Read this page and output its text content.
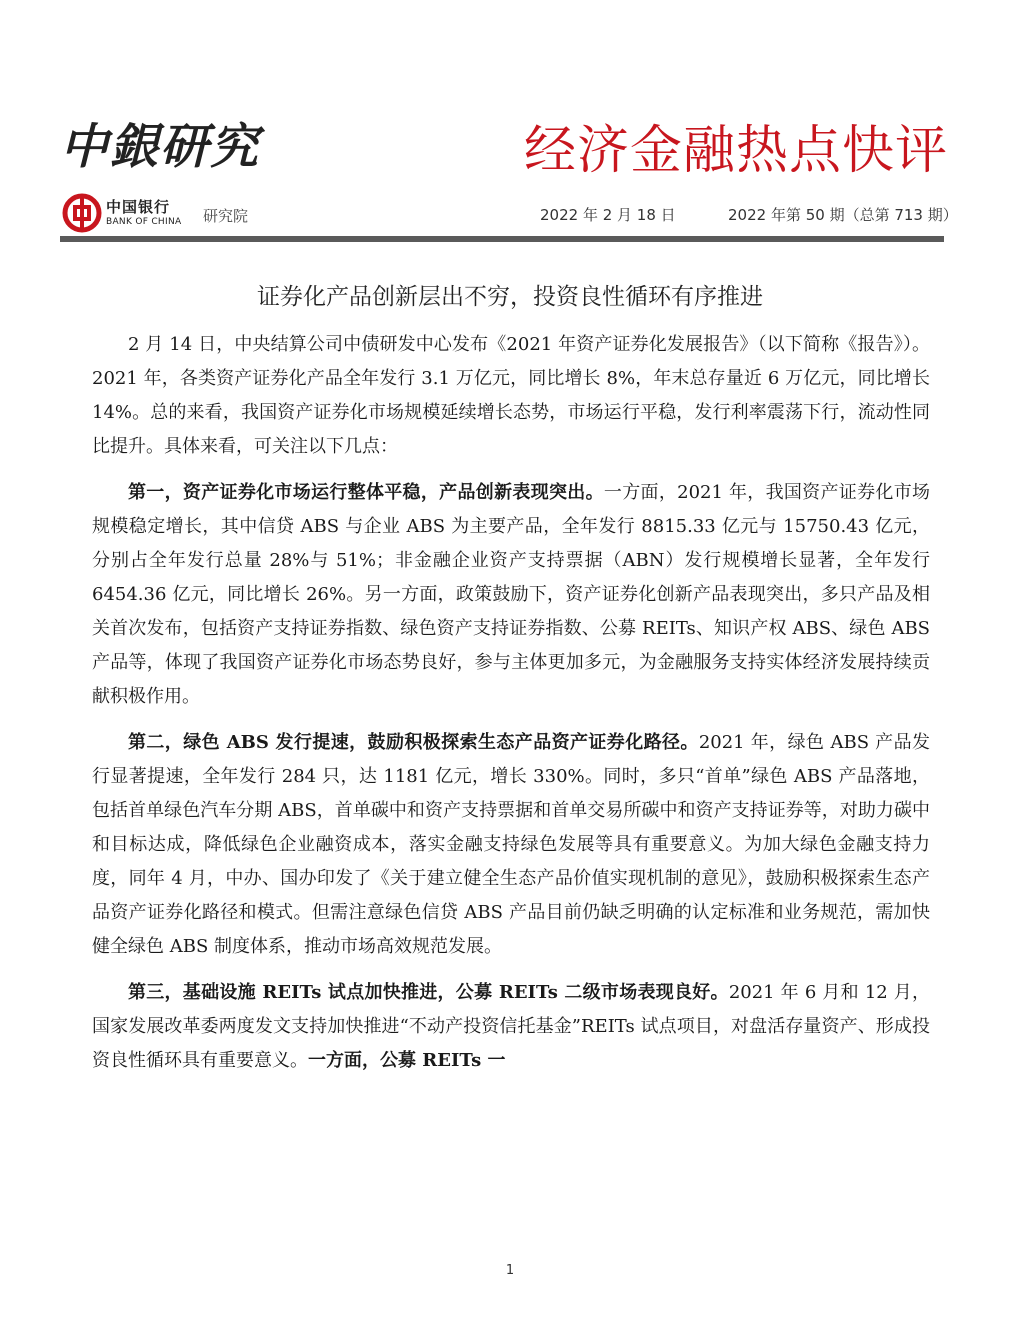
中銀研究	经济金融热点快评
中国银行
BANK OF CHINA 研究院	2022 年 2 月 18 日	2022 年第 50 期（总第 713 期）
证券化产品创新层出不穷，投资良性循环有序推进

2 月 14 日，中央结算公司中债研发中心发布《2021 年资产证券化发展报告》（以下简称《报告》）。2021 年，各类资产证券化产品全年发行 3.1 万亿元，同比增长 8%，年末总存量近 6 万亿元，同比增长 14%。总的来看，我国资产证券化市场规模延续增长态势，市场运行平稳，发行利率震荡下行，流动性同比提升。具体来看，可关注以下几点：

第一，资产证券化市场运行整体平稳，产品创新表现突出。一方面，2021 年，我国资产证券化市场规模稳定增长，其中信贷 ABS 与企业 ABS 为主要产品，全年发行 8815.33 亿元与 15750.43 亿元，分别占全年发行总量 28%与 51%；非金融企业资产支持票据（ABN）发行规模增长显著，全年发行 6454.36 亿元，同比增长 26%。另一方面，政策鼓励下，资产证券化创新产品表现突出，多只产品及相关首次发布，包括资产支持证券指数、绿色资产支持证券指数、公募 REITs、知识产权 ABS、绿色 ABS 产品等，体现了我国资产证券化市场态势良好，参与主体更加多元，为金融服务支持实体经济发展持续贡献积极作用。

第二，绿色 ABS 发行提速，鼓励积极探索生态产品资产证券化路径。2021 年，绿色 ABS 产品发行显著提速，全年发行 284 只，达 1181 亿元，增长 330%。同时，多只“首单”绿色 ABS 产品落地，包括首单绿色汽车分期 ABS，首单碳中和资产支持票据和首单交易所碳中和资产支持证券等，对助力碳中和目标达成，降低绿色企业融资成本，落实金融支持绿色发展等具有重要意义。为加大绿色金融支持力度，同年 4 月，中办、国办印发了《关于建立健全生态产品价值实现机制的意见》，鼓励积极探索生态产品资产证券化路径和模式。但需注意绿色信贷 ABS 产品目前仍缺乏明确的认定标准和业务规范，需加快健全绿色 ABS 制度体系，推动市场高效规范发展。

第三，基础设施 REITs 试点加快推进，公募 REITs 二级市场表现良好。2021 年 6 月和 12 月，国家发展改革委两度发文支持加快推进“不动产投资信托基金”REITs 试点项目，对盘活存量资产、形成投资良性循环具有重要意义。一方面，公募 REITs 一

1
